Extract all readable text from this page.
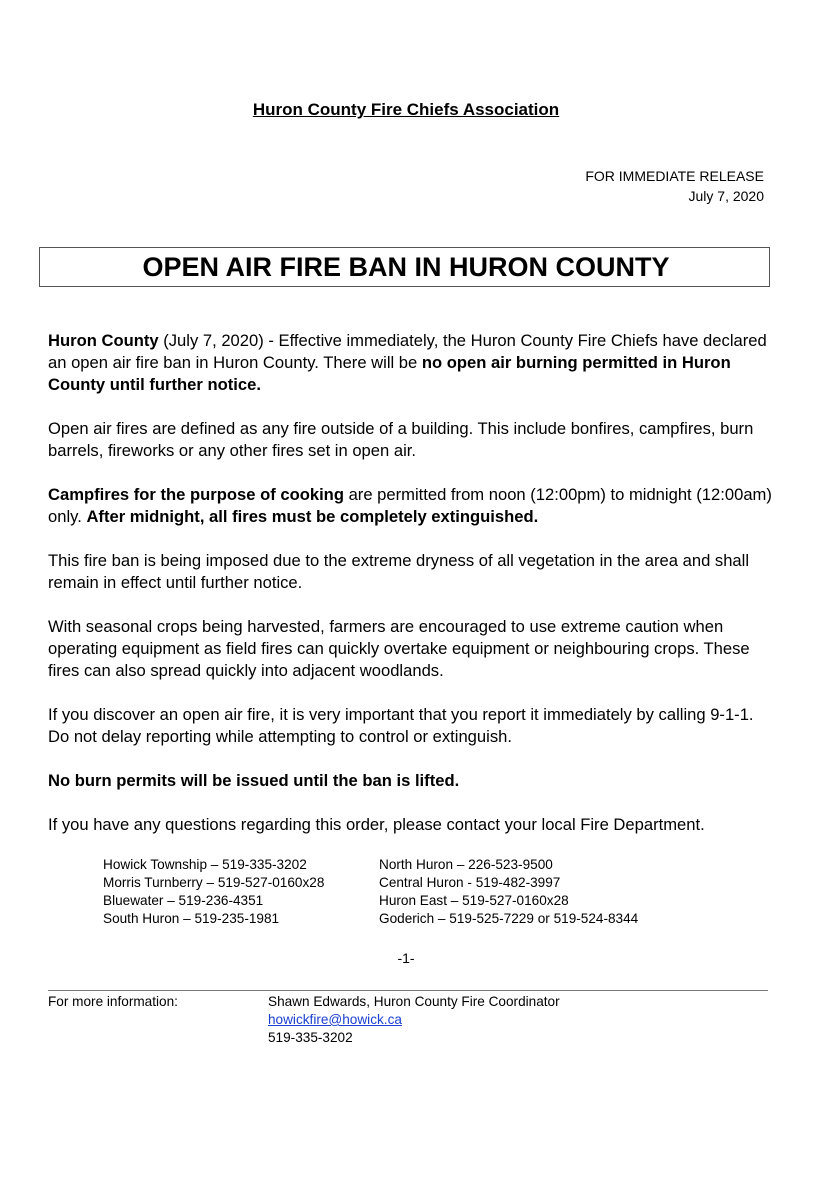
Huron County Fire Chiefs Association
FOR IMMEDIATE RELEASE
July 7, 2020
OPEN AIR FIRE BAN IN HURON COUNTY

Huron County (July 7, 2020) - Effective immediately, the Huron County Fire Chiefs have declared an open air fire ban in Huron County. There will be no open air burning permitted in Huron County until further notice.

Open air fires are defined as any fire outside of a building. This include bonfires, campfires, burn barrels, fireworks or any other fires set in open air.

Campfires for the purpose of cooking are permitted from noon (12:00pm) to midnight (12:00am) only. After midnight, all fires must be completely extinguished.

This fire ban is being imposed due to the extreme dryness of all vegetation in the area and shall remain in effect until further notice.

With seasonal crops being harvested, farmers are encouraged to use extreme caution when operating equipment as field fires can quickly overtake equipment or neighbouring crops. These fires can also spread quickly into adjacent woodlands.

If you discover an open air fire, it is very important that you report it immediately by calling 9-1-1. Do not delay reporting while attempting to control or extinguish.

No burn permits will be issued until the ban is lifted.

If you have any questions regarding this order, please contact your local Fire Department.

Howick Township – 519-335-3202
Morris Turnberry – 519-527-0160x28
Bluewater – 519-236-4351
South Huron – 519-235-1981
North Huron – 226-523-9500
Central Huron - 519-482-3997
Huron East – 519-527-0160x28
Goderich – 519-525-7229 or 519-524-8344
-1-
For more information:	Shawn Edwards, Huron County Fire Coordinator
howickfire@howick.ca
519-335-3202
